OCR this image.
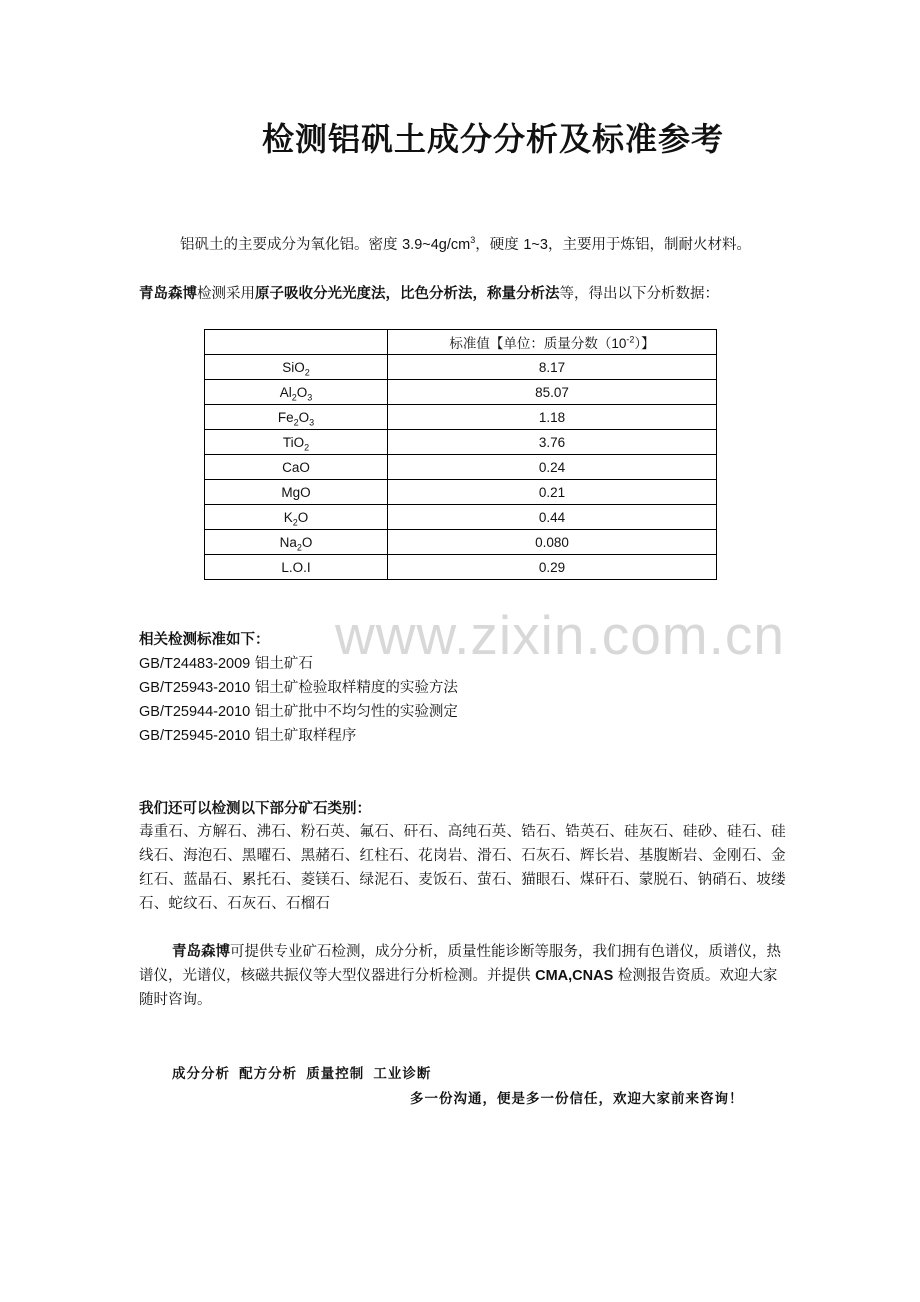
检测铝矾土成分分析及标准参考
铝矾土的主要成分为氧化铝。密度 $3.9\sim 4g/cm^3$，硬度 1~3，主要用于炼铝，制耐火材料。
青岛森博检测采用原子吸收分光光度法，比色分析法，称量分析法等，得出以下分析数据：
	标准值【单位：质量分数$(10^{-2})$】
SiO$_2$	8.17
$Al_2O_3$	85.07
$Fe_2O_3$	1.18
TiO$_2$	3.76
CaO	0.24
MgO	0.21
$K_2O$	0.44
$Na_2O$	0.080
L.O.I	0.29
www.zixin.com.cn
相关检测标准如下：
GB/T24483-2009 铝土矿石
GB/T25943-2010 铝土矿检验取样精度的实验方法
GB/T25944-2010 铝土矿批中不均匀性的实验测定
GB/T25945-2010 铝土矿取样程序
我们还可以检测以下部分矿石类别：
毒重石、方解石、沸石、粉石英、氟石、矸石、高纯石英、锆石、锆英石、硅灰石、硅砂、硅石、硅线石、海泡石、黑曜石、黑赭石、红柱石、花岗岩、滑石、石灰石、辉长岩、基腹断岩、金刚石、金红石、蓝晶石、累托石、菱镁石、绿泥石、麦饭石、萤石、猫眼石、煤矸石、蒙脱石、钠硝石、坡缕石、蛇纹石、石灰石、石榴石
青岛森博可提供专业矿石检测，成分分析，质量性能诊断等服务，我们拥有色谱仪，质谱仪，热谱仪，光谱仪，核磁共振仪等大型仪器进行分析检测。并提供 CMA,CNAS 检测报告资质。欢迎大家随时咨询。
成分分析 配方分析 质量控制 工业诊断
多一份沟通，便是多一份信任，欢迎大家前来咨询！
